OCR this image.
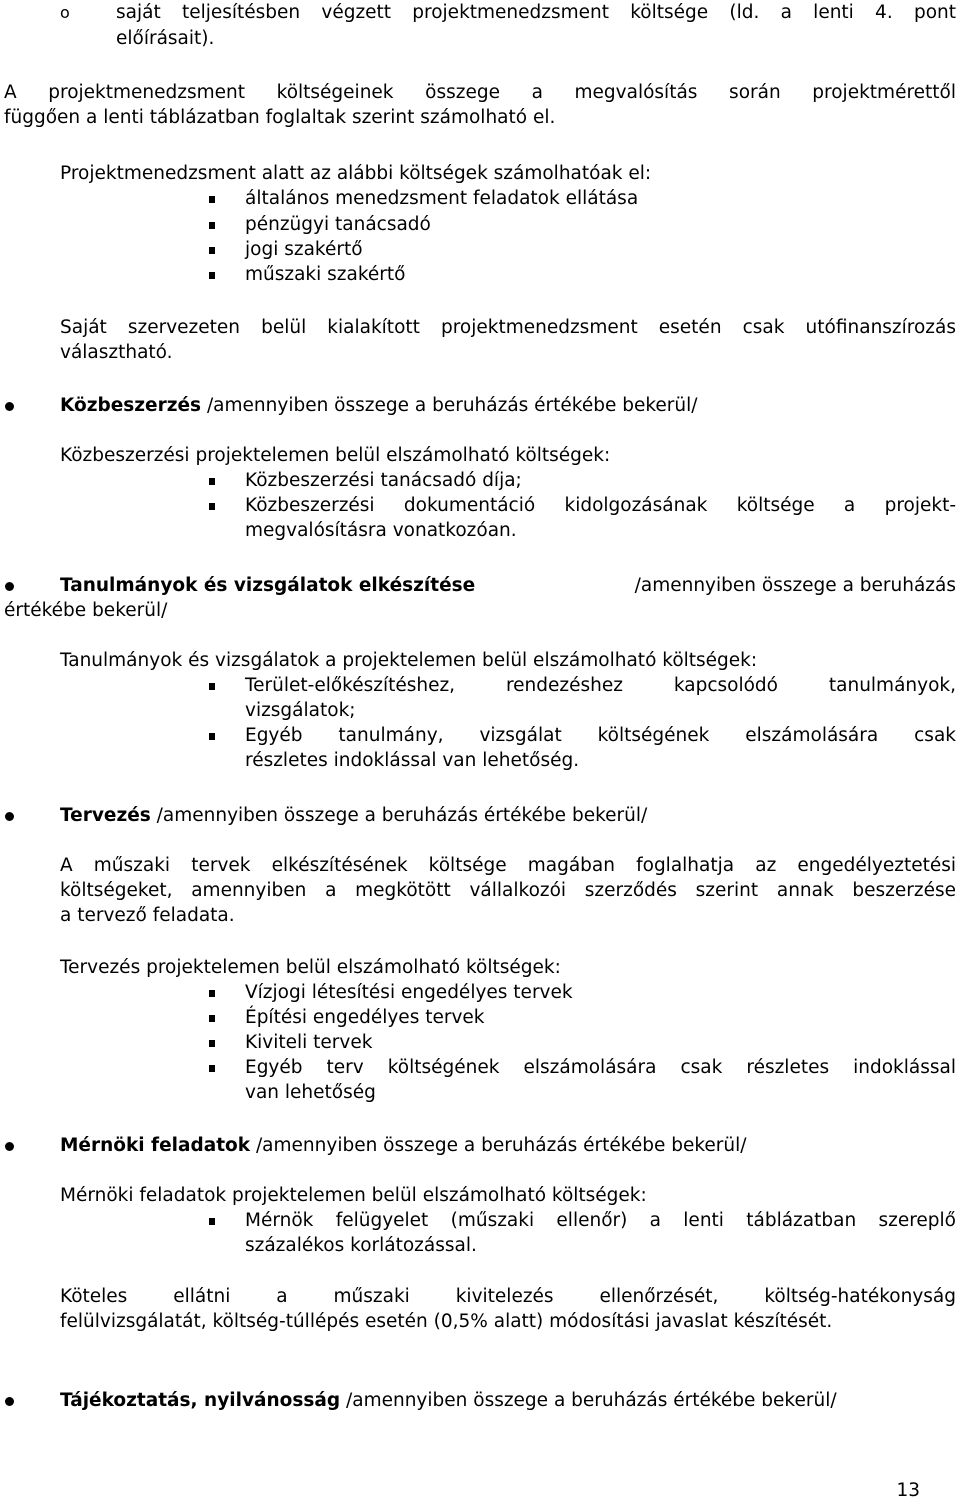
o saját teljesítésben végzett projektmenedzsment költsége (ld. a lenti 4. pont
előírásait).
A projektmenedzsment költségeinek összege a megvalósítás során projektmérettől
függően a lenti táblázatban foglaltak szerint számolható el.
Projektmenedzsment alatt az alábbi költségek számolhatóak el:
általános menedzsment feladatok ellátása
pénzügyi tanácsadó
jogi szakértő
műszaki szakértő
Saját szervezeten belül kialakított projektmenedzsment esetén csak utófinanszírozás
választható.
Közbeszerzés /amennyiben összege a beruházás értékébe bekerül/
Közbeszerzési projektelemen belül elszámolható költségek:
Közbeszerzési tanácsadó díja;
Közbeszerzési dokumentáció kidolgozásának költsége a projekt-
megvalósításra vonatkozóan.
Tanulmányok és vizsgálatok elkészítése	/amennyiben összege a beruházás
értékébe bekerül/
Tanulmányok és vizsgálatok a projektelemen belül elszámolható költségek:
Terület-előkészítéshez, rendezéshez kapcsolódó tanulmányok,
vizsgálatok;
Egyéb tanulmány, vizsgálat költségének elszámolására csak
részletes indoklással van lehetőség.
Tervezés /amennyiben összege a beruházás értékébe bekerül/
A műszaki tervek elkészítésének költsége magában foglalhatja az engedélyeztetési
költségeket, amennyiben a megkötött vállalkozói szerződés szerint annak beszerzése
a tervező feladata.
Tervezés projektelemen belül elszámolható költségek:
Vízjogi létesítési engedélyes tervek
Építési engedélyes tervek
Kiviteli tervek
Egyéb terv költségének elszámolására csak részletes indoklással
van lehetőség
Mérnöki feladatok /amennyiben összege a beruházás értékébe bekerül/
Mérnöki feladatok projektelemen belül elszámolható költségek:
Mérnök felügyelet (műszaki ellenőr) a lenti táblázatban szereplő
százalékos korlátozással.
Köteles ellátni a műszaki kivitelezés ellenőrzését, költség-hatékonyság
felülvizsgálatát, költség-túllépés esetén (0,5% alatt) módosítási javaslat készítését.
Tájékoztatás, nyilvánosság /amennyiben összege a beruházás értékébe bekerül/
13
